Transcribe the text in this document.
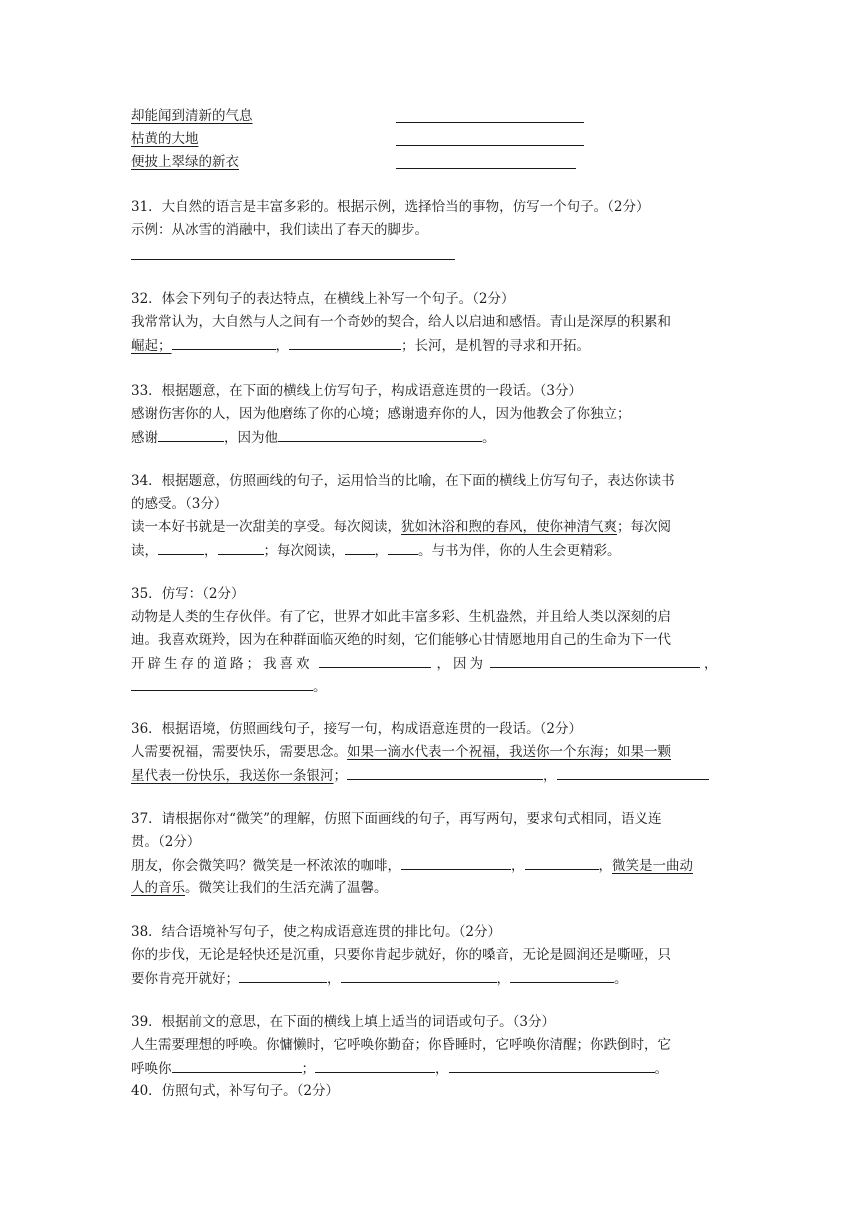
却能闻到清新的气息
枯黄的大地
便披上翠绿的新衣
31．大自然的语言是丰富多彩的。根据示例，选择恰当的事物，仿写一个句子。（2分）
示例：从冰雪的消融中，我们读出了春天的脚步。
32．体会下列句子的表达特点，在横线上补写一个句子。（2分）
我常常认为，大自然与人之间有一个奇妙的契合，给人以启迪和感悟。青山是深厚的积累和
崛起；	，	；长河，是机智的寻求和开拓。
33．根据题意，在下面的横线上仿写句子，构成语意连贯的一段话。（3分）
感谢伤害你的人，因为他磨练了你的心境；感谢遗弃你的人，因为他教会了你独立；
感谢	，因为他	。
34．根据题意，仿照画线的句子，运用恰当的比喻，在下面的横线上仿写句子，表达你读书
的感受。（3分）
读一本好书就是一次甜美的享受。每次阅读，犹如沐浴和煦的春风，使你神清气爽；每次阅
读，	，	；每次阅读， ， 。与书为伴，你的人生会更精彩。
35．仿写：（2分）
动物是人类的生存伙伴。有了它，世界才如此丰富多彩、生机盎然，并且给人类以深刻的启
迪。我喜欢斑羚，因为在种群面临灭绝的时刻，它们能够心甘情愿地用自己的生命为下一代
开辟生存的道路；我喜欢	，因为	，
。
36．根据语境，仿照画线句子，接写一句，构成语意连贯的一段话。（2分）
人需要祝福，需要快乐，需要思念。如果一滴水代表一个祝福，我送你一个东海；如果一颗
星代表一份快乐，我送你一条银河；	，
37．请根据你对“微笑”的理解，仿照下面画线的句子，再写两句，要求句式相同，语义连
贯。（2分）
朋友，你会微笑吗？微笑是一杯浓浓的咖啡，	，	，微笑是一曲动
人的音乐。微笑让我们的生活充满了温馨。
38．结合语境补写句子，使之构成语意连贯的排比句。（2分）
你的步伐，无论是轻快还是沉重，只要你肯起步就好，你的嗓音，无论是圆润还是嘶哑，只
要你肯亮开就好；	，	，	。
39．根据前文的意思，在下面的横线上填上适当的词语或句子。（3分）
人生需要理想的呼唤。你慵懒时，它呼唤你勤奋；你昏睡时，它呼唤你清醒；你跌倒时，它
呼唤你	；	，	。
40．仿照句式，补写句子。（2分）
